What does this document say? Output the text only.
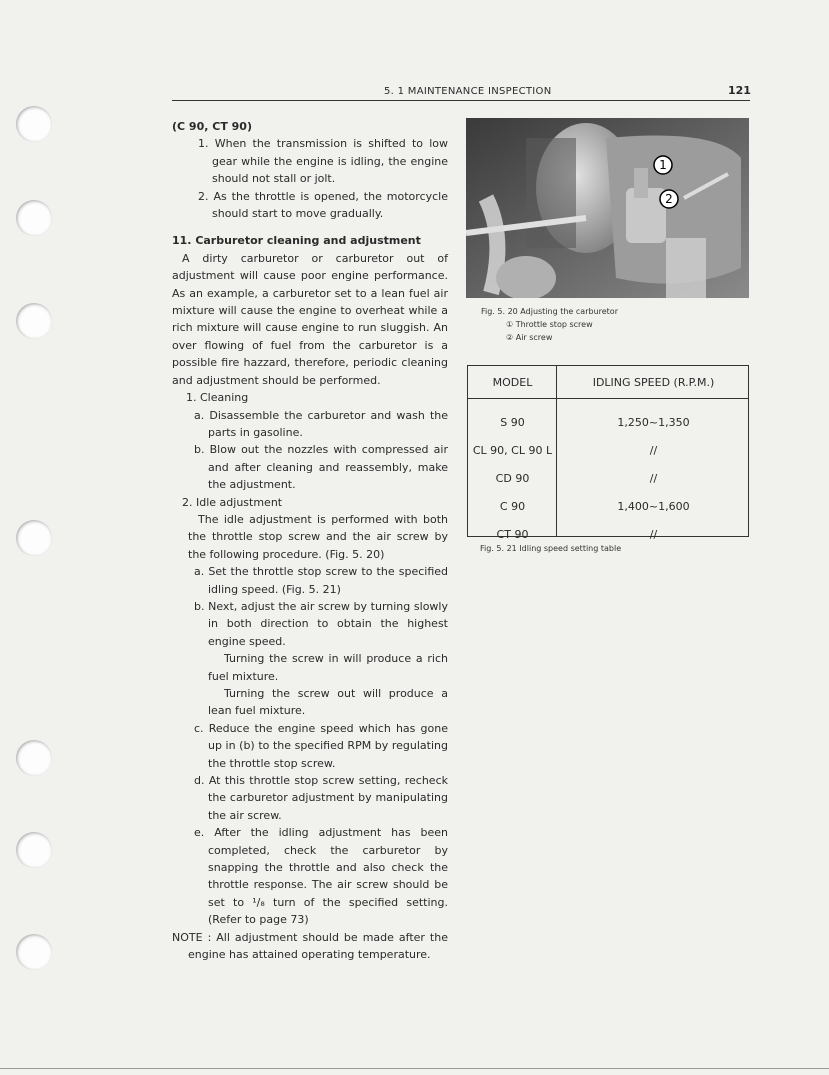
5. 1 MAINTENANCE INSPECTION	121

(C 90, CT 90)

1. When the transmission is shifted to low gear while the engine is idling, the engine should not stall or jolt.

2. As the throttle is opened, the motorcycle should start to move gradually.

11. Carburetor cleaning and adjustment

A dirty carburetor or carburetor out of adjustment will cause poor engine performance. As an example, a carburetor set to a lean fuel air mixture will cause the engine to overheat while a rich mixture will cause engine to run sluggish. An over flowing of fuel from the carburetor is a possible fire hazzard, therefore, periodic cleaning and adjustment should be performed.

1. Cleaning

a. Disassemble the carburetor and wash the parts in gasoline.

b. Blow out the nozzles with compressed air and after cleaning and reassembly, make the adjustment.

2. Idle adjustment

The idle adjustment is performed with both the throttle stop screw and the air screw by the following procedure. (Fig. 5. 20)

a. Set the throttle stop screw to the specified idling speed. (Fig. 5. 21)

b. Next, adjust the air screw by turning slowly in both direction to obtain the highest engine speed.

Turning the screw in will produce a rich fuel mixture.

Turning the screw out will produce a lean fuel mixture.

c. Reduce the engine speed which has gone up in (b) to the specified RPM by regulating the throttle stop screw.

d. At this throttle stop screw setting, recheck the carburetor adjustment by manipulating the air screw.

e. After the idling adjustment has been completed, check the carburetor by snapping the throttle and also check the throttle response. The air screw should be set to ¹/₈ turn of the specified setting. (Refer to page 73)

NOTE : All adjustment should be made after the engine has attained operating temperature.

1
2
Fig. 5. 20 Adjusting the carburetor
① Throttle stop screw
② Air screw
MODEL	IDLING SPEED (R.P.M.)
S 90	1,250~1,350
CL 90, CL 90 L	//
CD 90	//
C 90	1,400~1,600
CT 90	//
Fig. 5. 21 Idling speed setting table
